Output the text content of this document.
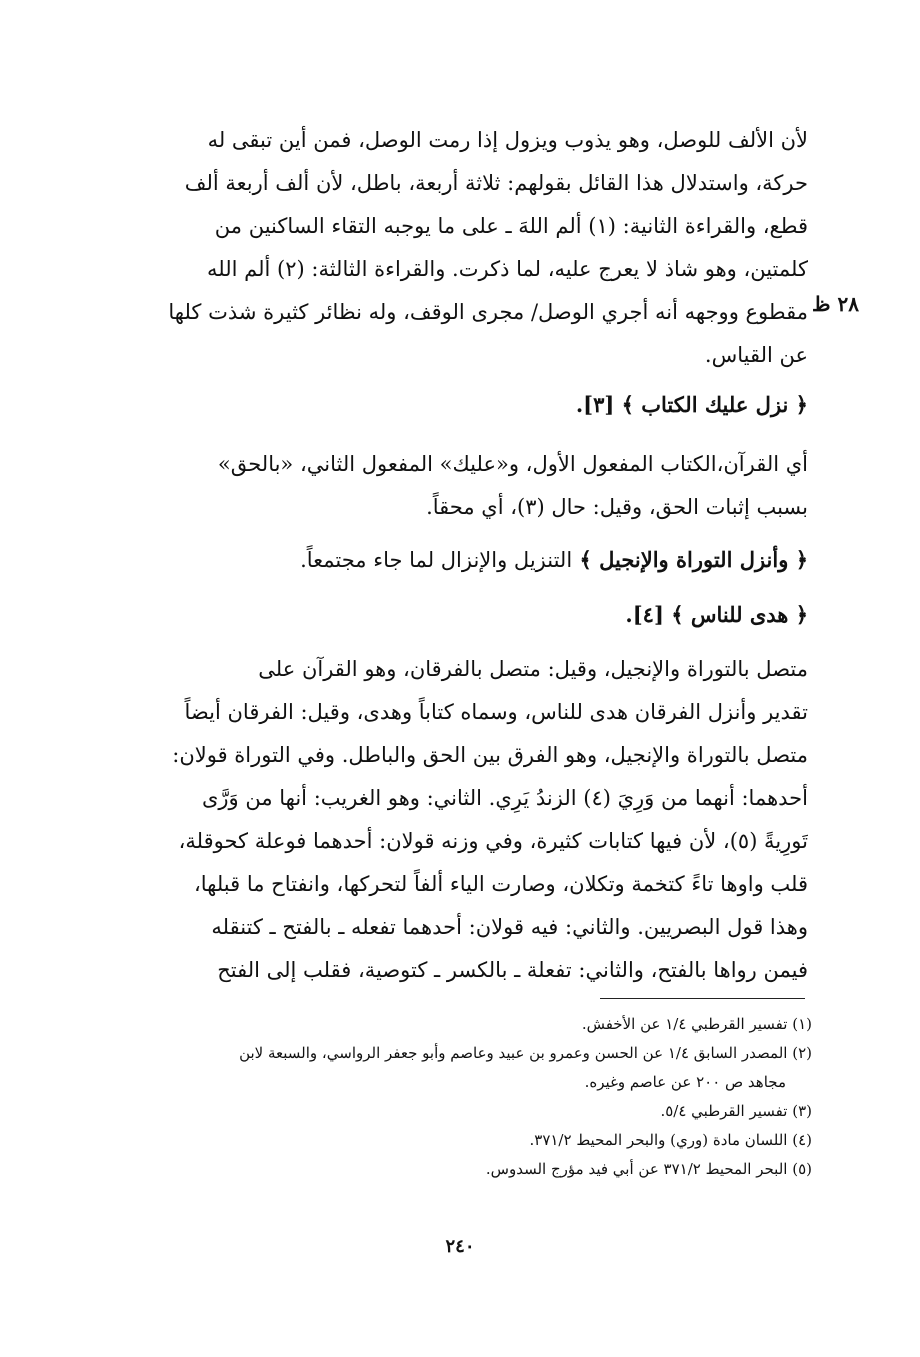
لأن الألف للوصل، وهو يذوب ويزول إذا رمت الوصل، فمن أين تبقى له
حركة، واستدلال هذا القائل بقولهم: ثلاثة أربعة، باطل، لأن ألف أربعة ألف
قطع، والقراءة الثانية: (١) ألم اللهَ ـ على ما يوجبه التقاء الساكنين من
كلمتين، وهو شاذ لا يعرج عليه، لما ذكرت. والقراءة الثالثة: (٢) ألم الله
مقطوع ووجهه أنه أجري الوصل/ مجرى الوقف، وله نظائر كثيرة شذت كلها
عن القياس.
٢٨ ظ
﴿ نزل عليك الكتاب ﴾ [٣].
أي القرآن،الكتاب المفعول الأول، و«عليك» المفعول الثاني، «بالحق»
بسبب إثبات الحق، وقيل: حال (٣)، أي محقاً.
﴿ وأنزل التوراة والإنجيل ﴾ التنزيل والإنزال لما جاء مجتمعاً.
﴿ هدى للناس ﴾ [٤].
متصل بالتوراة والإنجيل، وقيل: متصل بالفرقان، وهو القرآن على
تقدير وأنزل الفرقان هدى للناس، وسماه كتاباً وهدى، وقيل: الفرقان أيضاً
متصل بالتوراة والإنجيل، وهو الفرق بين الحق والباطل. وفي التوراة قولان:
أحدهما: أنهما من وَرِيَ (٤) الزندُ يَرِي. الثاني: وهو الغريب: أنها من وَرَّى
تَورِيةً (٥)، لأن فيها كتابات كثيرة، وفي وزنه قولان: أحدهما فوعلة كحوقلة،
قلب واوها تاءً كتخمة وتكلان، وصارت الياء ألفاً لتحركها، وانفتاح ما قبلها،
وهذا قول البصريين. والثاني: فيه قولان: أحدهما تفعله ـ بالفتح ـ كتنقله
فيمن رواها بالفتح، والثاني: تفعلة ـ بالكسر ـ كتوصية، فقلب إلى الفتح
(١) تفسير القرطبي ١/٤ عن الأخفش.
(٢) المصدر السابق ١/٤ عن الحسن وعمرو بن عبيد وعاصم وأبو جعفر الرواسي، والسبعة لابن
مجاهد ص ٢٠٠ عن عاصم وغيره.
(٣) تفسير القرطبي ٥/٤.
(٤) اللسان مادة (وري) والبحر المحيط ٣٧١/٢.
(٥) البحر المحيط ٣٧١/٢ عن أبي فيد مؤرج السدوس.
٢٤٠
